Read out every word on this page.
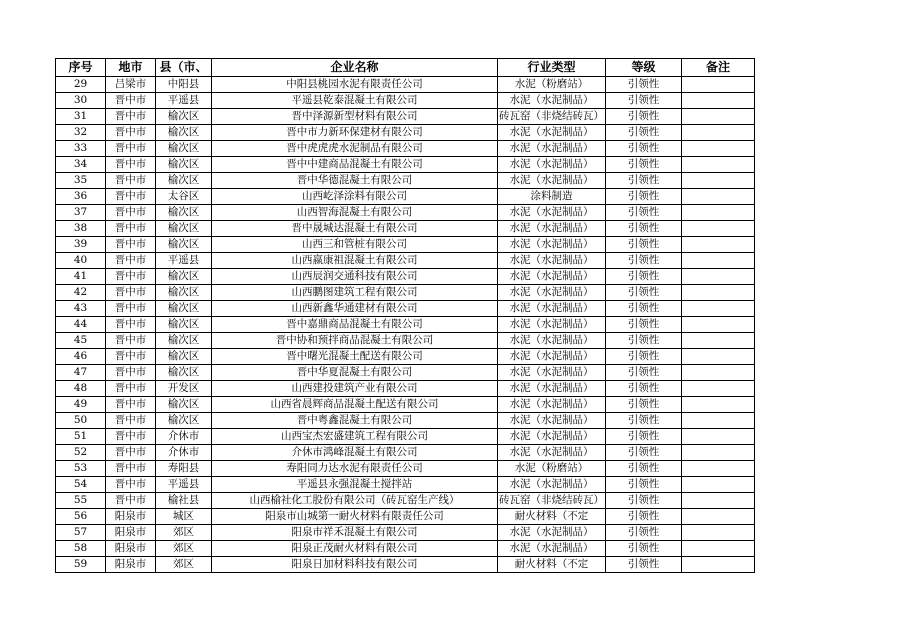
序号	地市	县（市、	企业名称	行业类型	等级	备注
29	吕梁市	中阳县	中阳县桃园水泥有限责任公司	水泥（粉磨站）	引领性	
30	晋中市	平遥县	平遥县乾泰混凝土有限公司	水泥（水泥制品）	引领性	
31	晋中市	榆次区	晋中泽源新型材料有限公司	砖瓦窑（非烧结砖瓦）	引领性	
32	晋中市	榆次区	晋中市力新环保建材有限公司	水泥（水泥制品）	引领性	
33	晋中市	榆次区	晋中虎虎虎水泥制品有限公司	水泥（水泥制品）	引领性	
34	晋中市	榆次区	晋中中建商品混凝土有限公司	水泥（水泥制品）	引领性	
35	晋中市	榆次区	晋中华德混凝土有限公司	水泥（水泥制品）	引领性	
36	晋中市	太谷区	山西屹泽涂料有限公司	涂料制造	引领性	
37	晋中市	榆次区	山西智海混凝土有限公司	水泥（水泥制品）	引领性	
38	晋中市	榆次区	晋中晟城达混凝土有限公司	水泥（水泥制品）	引领性	
39	晋中市	榆次区	山西三和管桩有限公司	水泥（水泥制品）	引领性	
40	晋中市	平遥县	山西嬴康祖混凝土有限公司	水泥（水泥制品）	引领性	
41	晋中市	榆次区	山西辰润交通科技有限公司	水泥（水泥制品）	引领性	
42	晋中市	榆次区	山西鹏图建筑工程有限公司	水泥（水泥制品）	引领性	
43	晋中市	榆次区	山西新鑫华通建材有限公司	水泥（水泥制品）	引领性	
44	晋中市	榆次区	晋中嘉鼎商品混凝土有限公司	水泥（水泥制品）	引领性	
45	晋中市	榆次区	晋中协和预拌商品混凝土有限公司	水泥（水泥制品）	引领性	
46	晋中市	榆次区	晋中曙光混凝土配送有限公司	水泥（水泥制品）	引领性	
47	晋中市	榆次区	晋中华夏混凝土有限公司	水泥（水泥制品）	引领性	
48	晋中市	开发区	山西建投建筑产业有限公司	水泥（水泥制品）	引领性	
49	晋中市	榆次区	山西省晨辉商品混凝土配送有限公司	水泥（水泥制品）	引领性	
50	晋中市	榆次区	晋中粤鑫混凝土有限公司	水泥（水泥制品）	引领性	
51	晋中市	介休市	山西宝杰宏盛建筑工程有限公司	水泥（水泥制品）	引领性	
52	晋中市	介休市	介休市鸿峰混凝土有限公司	水泥（水泥制品）	引领性	
53	晋中市	寿阳县	寿阳同力达水泥有限责任公司	水泥（粉磨站）	引领性	
54	晋中市	平遥县	平遥县永强混凝土搅拌站	水泥（水泥制品）	引领性	
55	晋中市	榆社县	山西榆社化工股份有限公司（砖瓦窑生产线）	砖瓦窑（非烧结砖瓦）	引领性	
56	阳泉市	城区	阳泉市山城第一耐火材料有限责任公司	耐火材料（不定	引领性	
57	阳泉市	郊区	阳泉市祥禾混凝土有限公司	水泥（水泥制品）	引领性	
58	阳泉市	郊区	阳泉正茂耐火材料有限公司	水泥（水泥制品）	引领性	
59	阳泉市	郊区	阳泉日加材料科技有限公司	耐火材料（不定	引领性	
